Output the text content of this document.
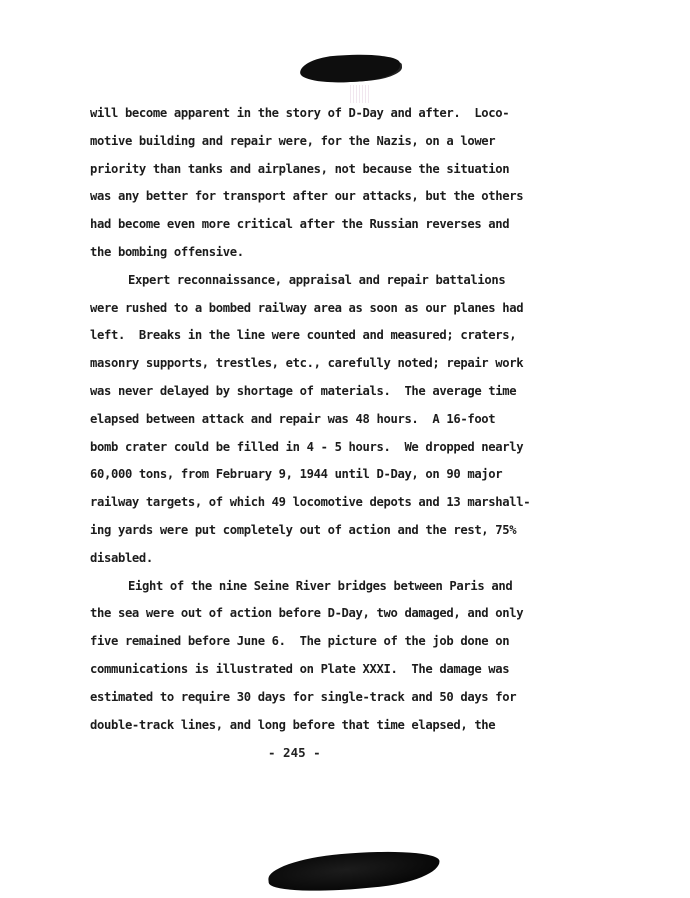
will become apparent in the story of D-Day and after.  Loco-
motive building and repair were, for the Nazis, on a lower
priority than tanks and airplanes, not because the situation
was any better for transport after our attacks, but the others
had become even more critical after the Russian reverses and
the bombing offensive.
Expert reconnaissance, appraisal and repair battalions
were rushed to a bombed railway area as soon as our planes had
left.  Breaks in the line were counted and measured; craters,
masonry supports, trestles, etc., carefully noted; repair work
was never delayed by shortage of materials.  The average time
elapsed between attack and repair was 48 hours.  A 16-foot
bomb crater could be filled in 4 - 5 hours.  We dropped nearly
60,000 tons, from February 9, 1944 until D-Day, on 90 major
railway targets, of which 49 locomotive depots and 13 marshall-
ing yards were put completely out of action and the rest, 75%
disabled.
Eight of the nine Seine River bridges between Paris and
the sea were out of action before D-Day, two damaged, and only
five remained before June 6.  The picture of the job done on
communications is illustrated on Plate XXXI.  The damage was
estimated to require 30 days for single-track and 50 days for
double-track lines, and long before that time elapsed, the
- 245 -
